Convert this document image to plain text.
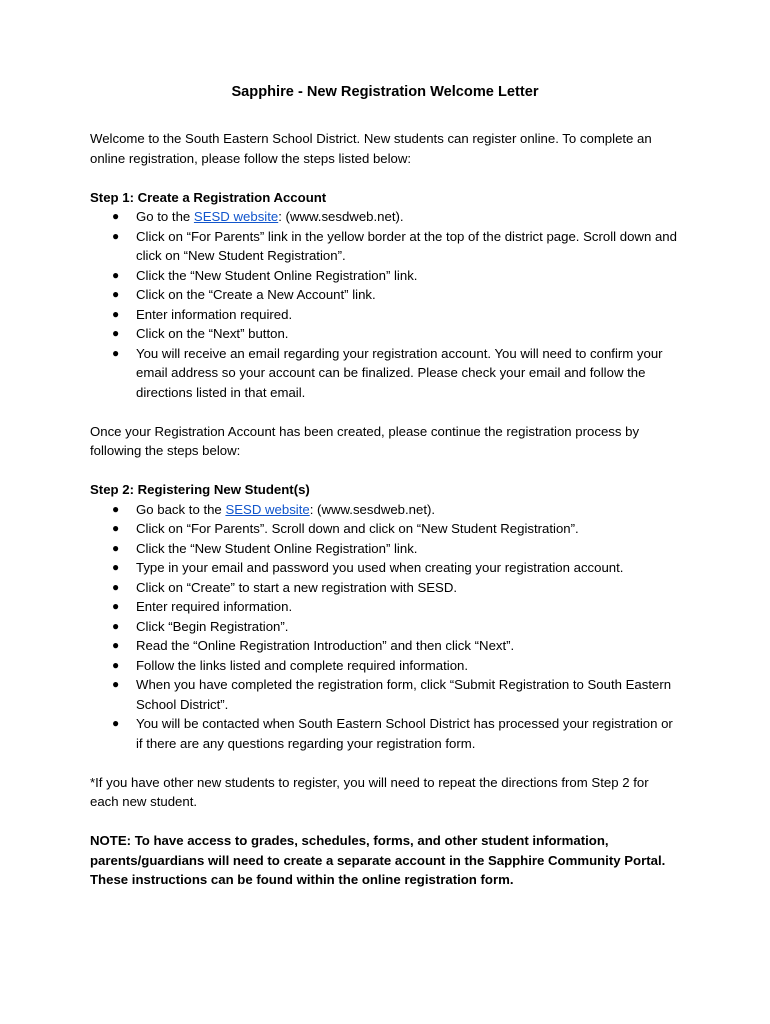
Sapphire - New Registration Welcome Letter

Welcome to the South Eastern School District. New students can register online. To complete an online registration, please follow the steps listed below:

Step 1: Create a Registration Account

● Go to the SESD website: (www.sesdweb.net).
● Click on “For Parents” link in the yellow border at the top of the district page. Scroll down and click on “New Student Registration”.
● Click the “New Student Online Registration” link.
● Click on the “Create a New Account” link.
● Enter information required.
● Click on the “Next” button.
● You will receive an email regarding your registration account. You will need to confirm your email address so your account can be finalized. Please check your email and follow the directions listed in that email.

Once your Registration Account has been created, please continue the registration process by following the steps below:

Step 2: Registering New Student(s)

● Go back to the SESD website: (www.sesdweb.net).
● Click on “For Parents”. Scroll down and click on “New Student Registration”.
● Click the “New Student Online Registration” link.
● Type in your email and password you used when creating your registration account.
● Click on “Create” to start a new registration with SESD.
● Enter required information.
● Click “Begin Registration”.
● Read the “Online Registration Introduction” and then click “Next”.
● Follow the links listed and complete required information.
● When you have completed the registration form, click “Submit Registration to South Eastern School District”.
● You will be contacted when South Eastern School District has processed your registration or if there are any questions regarding your registration form.

*If you have other new students to register, you will need to repeat the directions from Step 2 for each new student.

NOTE: To have access to grades, schedules, forms, and other student information, parents/guardians will need to create a separate account in the Sapphire Community Portal. These instructions can be found within the online registration form.
